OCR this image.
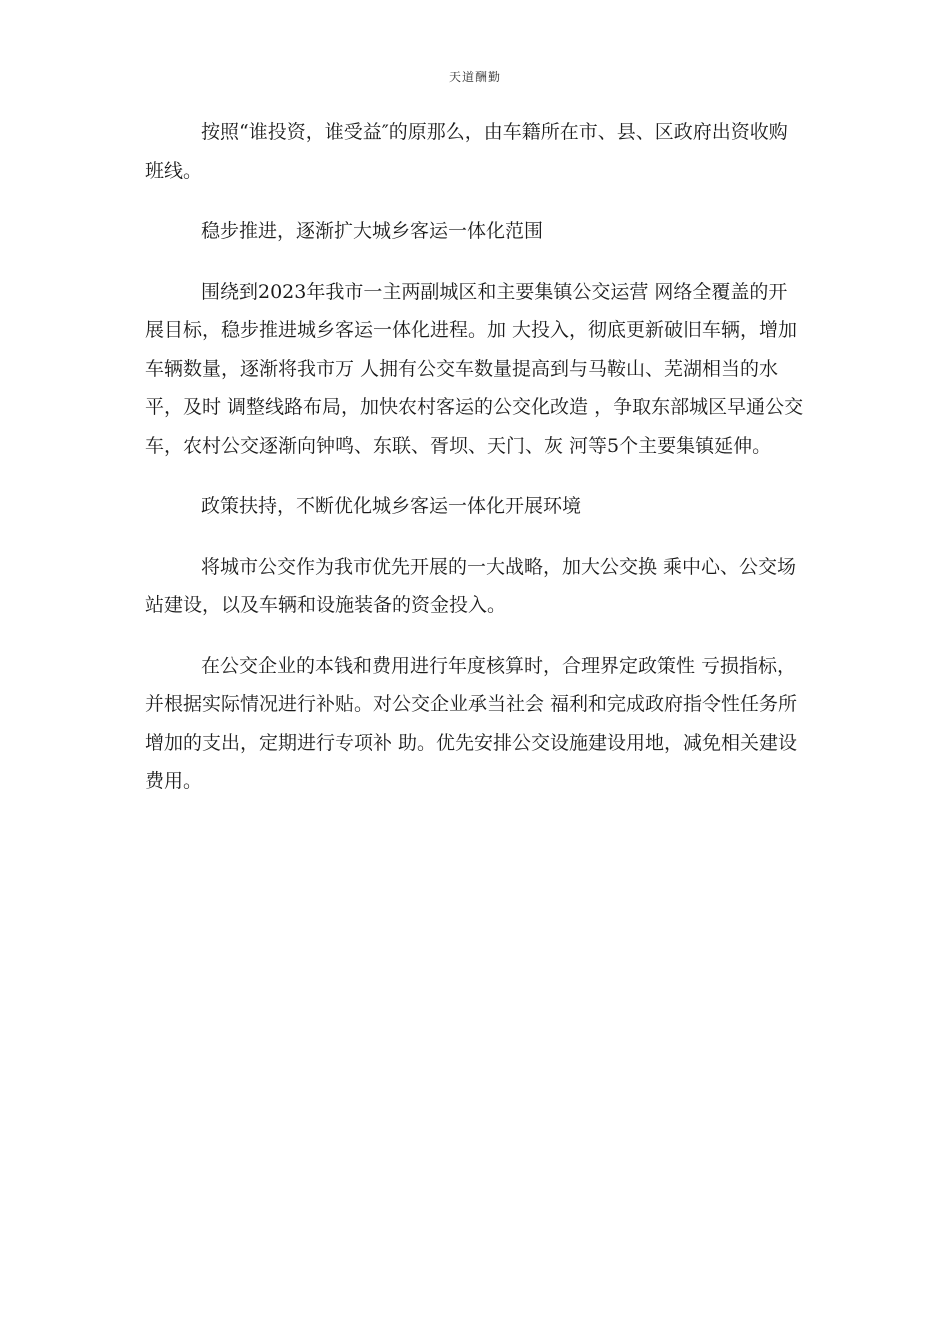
天道酬勤

按照“谁投资，谁受益″的原那么，由车籍所在市、县、区政府出资收购班线。

稳步推进，逐渐扩大城乡客运一体化范围

围绕到2023年我市一主两副城区和主要集镇公交运营 网络全覆盖的开展目标，稳步推进城乡客运一体化进程。加 大投入，彻底更新破旧车辆，增加车辆数量，逐渐将我市万 人拥有公交车数量提高到与马鞍山、芜湖相当的水平，及时 调整线路布局，加快农村客运的公交化改造 ，争取东部城区早通公交车，农村公交逐渐向钟鸣、东联、胥坝、天门、灰 河等5个主要集镇延伸。

政策扶持，不断优化城乡客运一体化开展环境

将城市公交作为我市优先开展的一大战略，加大公交换 乘中心、公交场站建设，以及车辆和设施装备的资金投入。

在公交企业的本钱和费用进行年度核算时，合理界定政策性 亏损指标，并根据实际情况进行补贴。对公交企业承当社会 福利和完成政府指令性任务所增加的支出，定期进行专项补 助。优先安排公交设施建设用地，减免相关建设费用。
